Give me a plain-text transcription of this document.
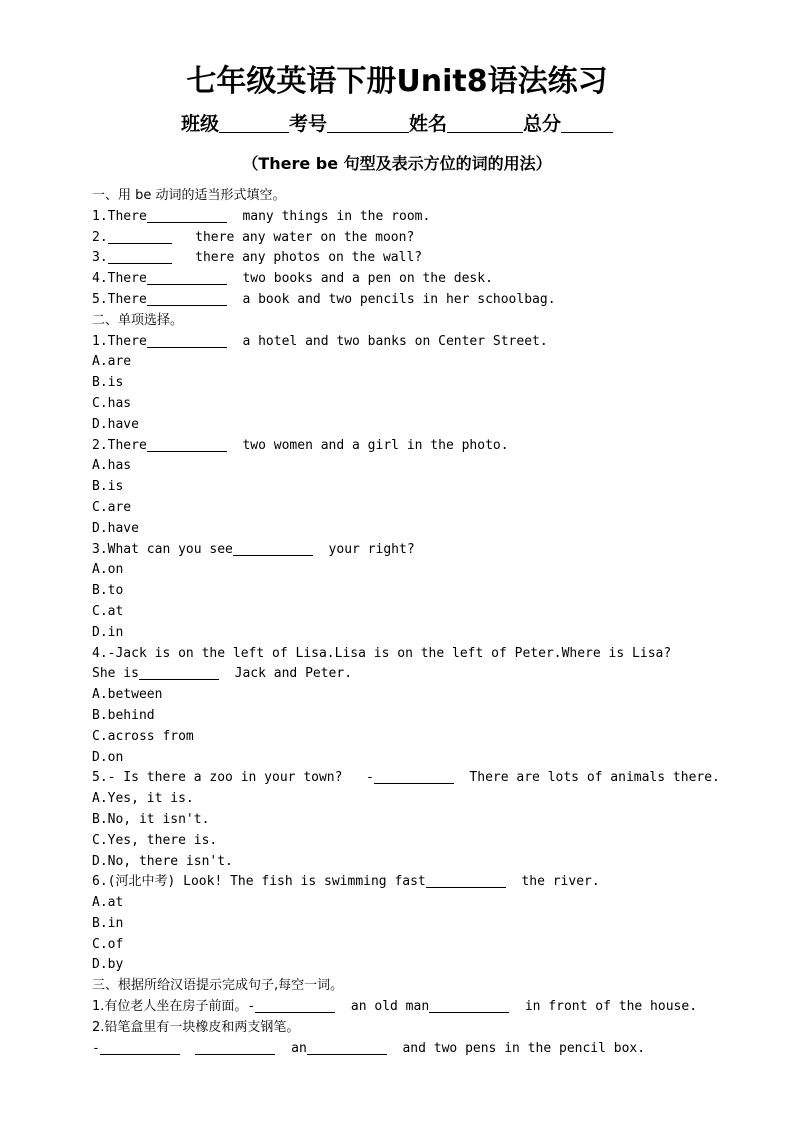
七年级英语下册Unit8语法练习
班级	考号	姓名	总分
（There be 句型及表示方位的词的用法）
一、用 be 动词的适当形式填空。
1.There	many things in the room.
2.	there any water on the moon?
3.	there any photos on the wall?
4.There	two books and a pen on the desk.
5.There	a book and two pencils in her schoolbag.
二、单项选择。
1.There	a hotel and two banks on Center Street.
A.are
B.is
C.has
D.have
2.There	two women and a girl in the photo.
A.has
B.is
C.are
D.have
3.What can you see	your right?
A.on
B.to
C.at
D.in
4.-Jack is on the left of Lisa.Lisa is on the left of Peter.Where is Lisa?
She is	Jack and Peter.
A.between
B.behind
C.across from
D.on
5.- Is there a zoo in your town? -	There are lots of animals there.
A.Yes, it is.
B.No, it isn't.
C.Yes, there is.
D.No, there isn't.
6.(河北中考) Look! The fish is swimming fast	the river.
A.at
B.in
C.of
D.by
三、根据所给汉语提示完成句子,每空一词。
1.有位老人坐在房子前面。-	an old man	in front of the house.
2.铅笔盒里有一块橡皮和两支钢笔。
-	an	and two pens in the pencil box.
